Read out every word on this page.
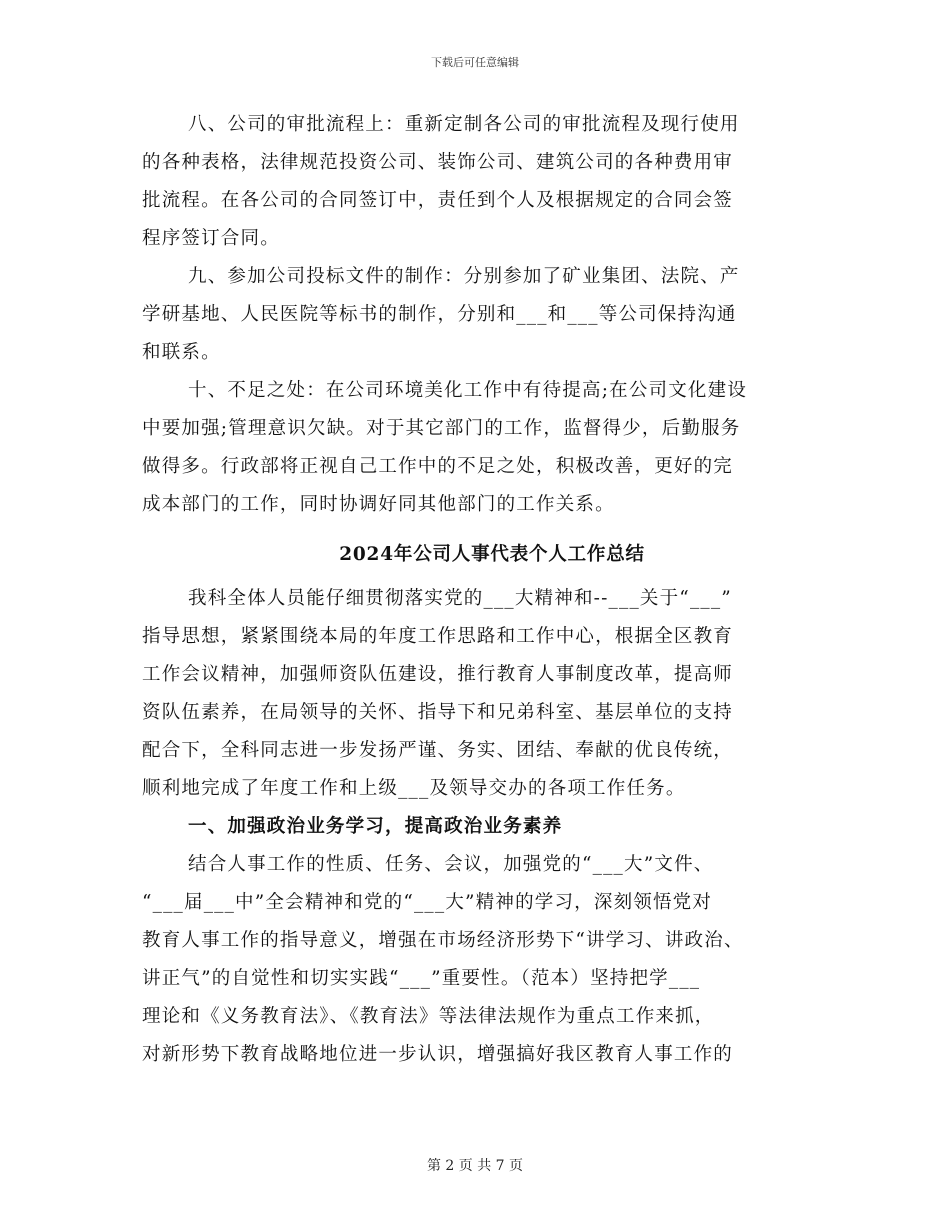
下载后可任意编辑

八、公司的审批流程上：重新定制各公司的审批流程及现行使用
的各种表格，法律规范投资公司、装饰公司、建筑公司的各种费用审
批流程。在各公司的合同签订中，责任到个人及根据规定的合同会签
程序签订合同。

九、参加公司投标文件的制作：分别参加了矿业集团、法院、产
学研基地、人民医院等标书的制作，分别和___和___等公司保持沟通
和联系。

十、不足之处：在公司环境美化工作中有待提高;在公司文化建设
中要加强;管理意识欠缺。对于其它部门的工作，监督得少，后勤服务
做得多。行政部将正视自己工作中的不足之处，积极改善，更好的完
成本部门的工作，同时协调好同其他部门的工作关系。

2024年公司人事代表个人工作总结

我科全体人员能仔细贯彻落实党的___大精神和--___关于“___”
指导思想，紧紧围绕本局的年度工作思路和工作中心，根据全区教育
工作会议精神，加强师资队伍建设，推行教育人事制度改革，提高师
资队伍素养，在局领导的关怀、指导下和兄弟科室、基层单位的支持
配合下，全科同志进一步发扬严谨、务实、团结、奉献的优良传统，
顺利地完成了年度工作和上级___及领导交办的各项工作任务。

一、加强政治业务学习，提高政治业务素养

结合人事工作的性质、任务、会议，加强党的“___大”文件、
“___届___中”全会精神和党的“___大”精神的学习，深刻领悟党对
教育人事工作的指导意义，增强在市场经济形势下“讲学习、讲政治、
讲正气”的自觉性和切实实践“___”重要性。（范本）坚持把学___
理论和《义务教育法》、《教育法》等法律法规作为重点工作来抓，
对新形势下教育战略地位进一步认识，增强搞好我区教育人事工作的

第 2 页 共 7 页
